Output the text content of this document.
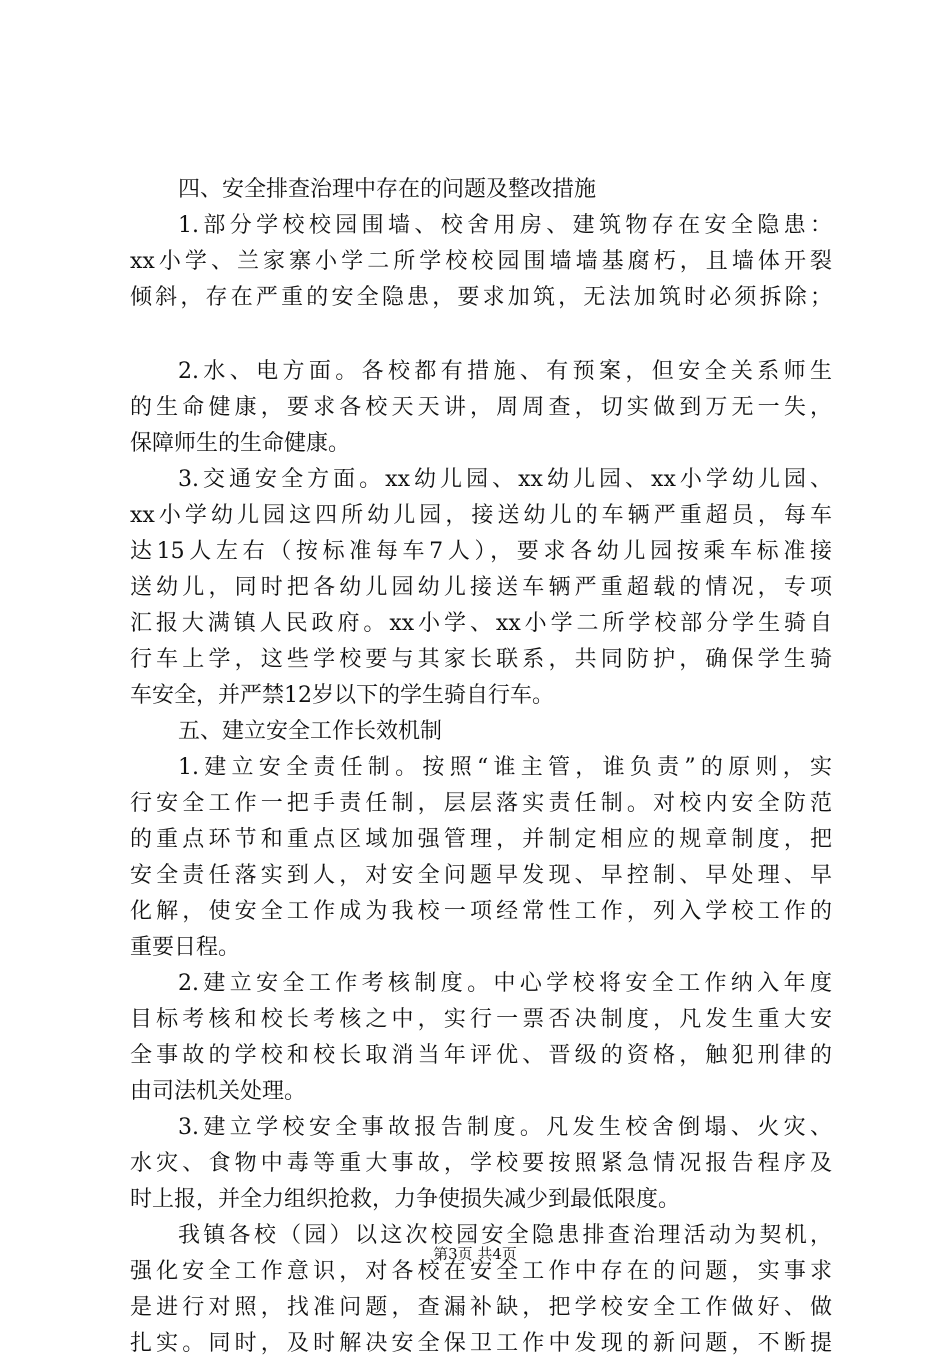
四、安全排查治理中存在的问题及整改措施
1.部分学校校园围墙、校舍用房、建筑物存在安全隐患：
xx小学、兰家寨小学二所学校校园围墙墙基腐朽，且墙体开裂
倾斜，存在严重的安全隐患，要求加筑，无法加筑时必须拆除；
2.水、电方面。各校都有措施、有预案，但安全关系师生
的生命健康，要求各校天天讲，周周查，切实做到万无一失，
保障师生的生命健康。
3.交通安全方面。xx幼儿园、xx幼儿园、xx小学幼儿园、
xx小学幼儿园这四所幼儿园，接送幼儿的车辆严重超员，每车
达15人左右（按标准每车7人），要求各幼儿园按乘车标准接
送幼儿，同时把各幼儿园幼儿接送车辆严重超载的情况，专项
汇报大满镇人民政府。xx小学、xx小学二所学校部分学生骑自
行车上学，这些学校要与其家长联系，共同防护，确保学生骑
车安全，并严禁12岁以下的学生骑自行车。
五、建立安全工作长效机制
1.建立安全责任制。按照“谁主管，谁负责”的原则，实
行安全工作一把手责任制，层层落实责任制。对校内安全防范
的重点环节和重点区域加强管理，并制定相应的规章制度，把
安全责任落实到人，对安全问题早发现、早控制、早处理、早
化解，使安全工作成为我校一项经常性工作，列入学校工作的
重要日程。
2.建立安全工作考核制度。中心学校将安全工作纳入年度
目标考核和校长考核之中，实行一票否决制度，凡发生重大安
全事故的学校和校长取消当年评优、晋级的资格，触犯刑律的
由司法机关处理。
3.建立学校安全事故报告制度。凡发生校舍倒塌、火灾、
水灾、食物中毒等重大事故，学校要按照紧急情况报告程序及
时上报，并全力组织抢救，力争使损失减少到最低限度。
我镇各校（园）以这次校园安全隐患排查治理活动为契机，
强化安全工作意识，对各校在安全工作中存在的问题，实事求
是进行对照，找准问题，查漏补缺，把学校安全工作做好、做
扎实。同时，及时解决安全保卫工作中发现的新问题，不断提
第3页 共4页
